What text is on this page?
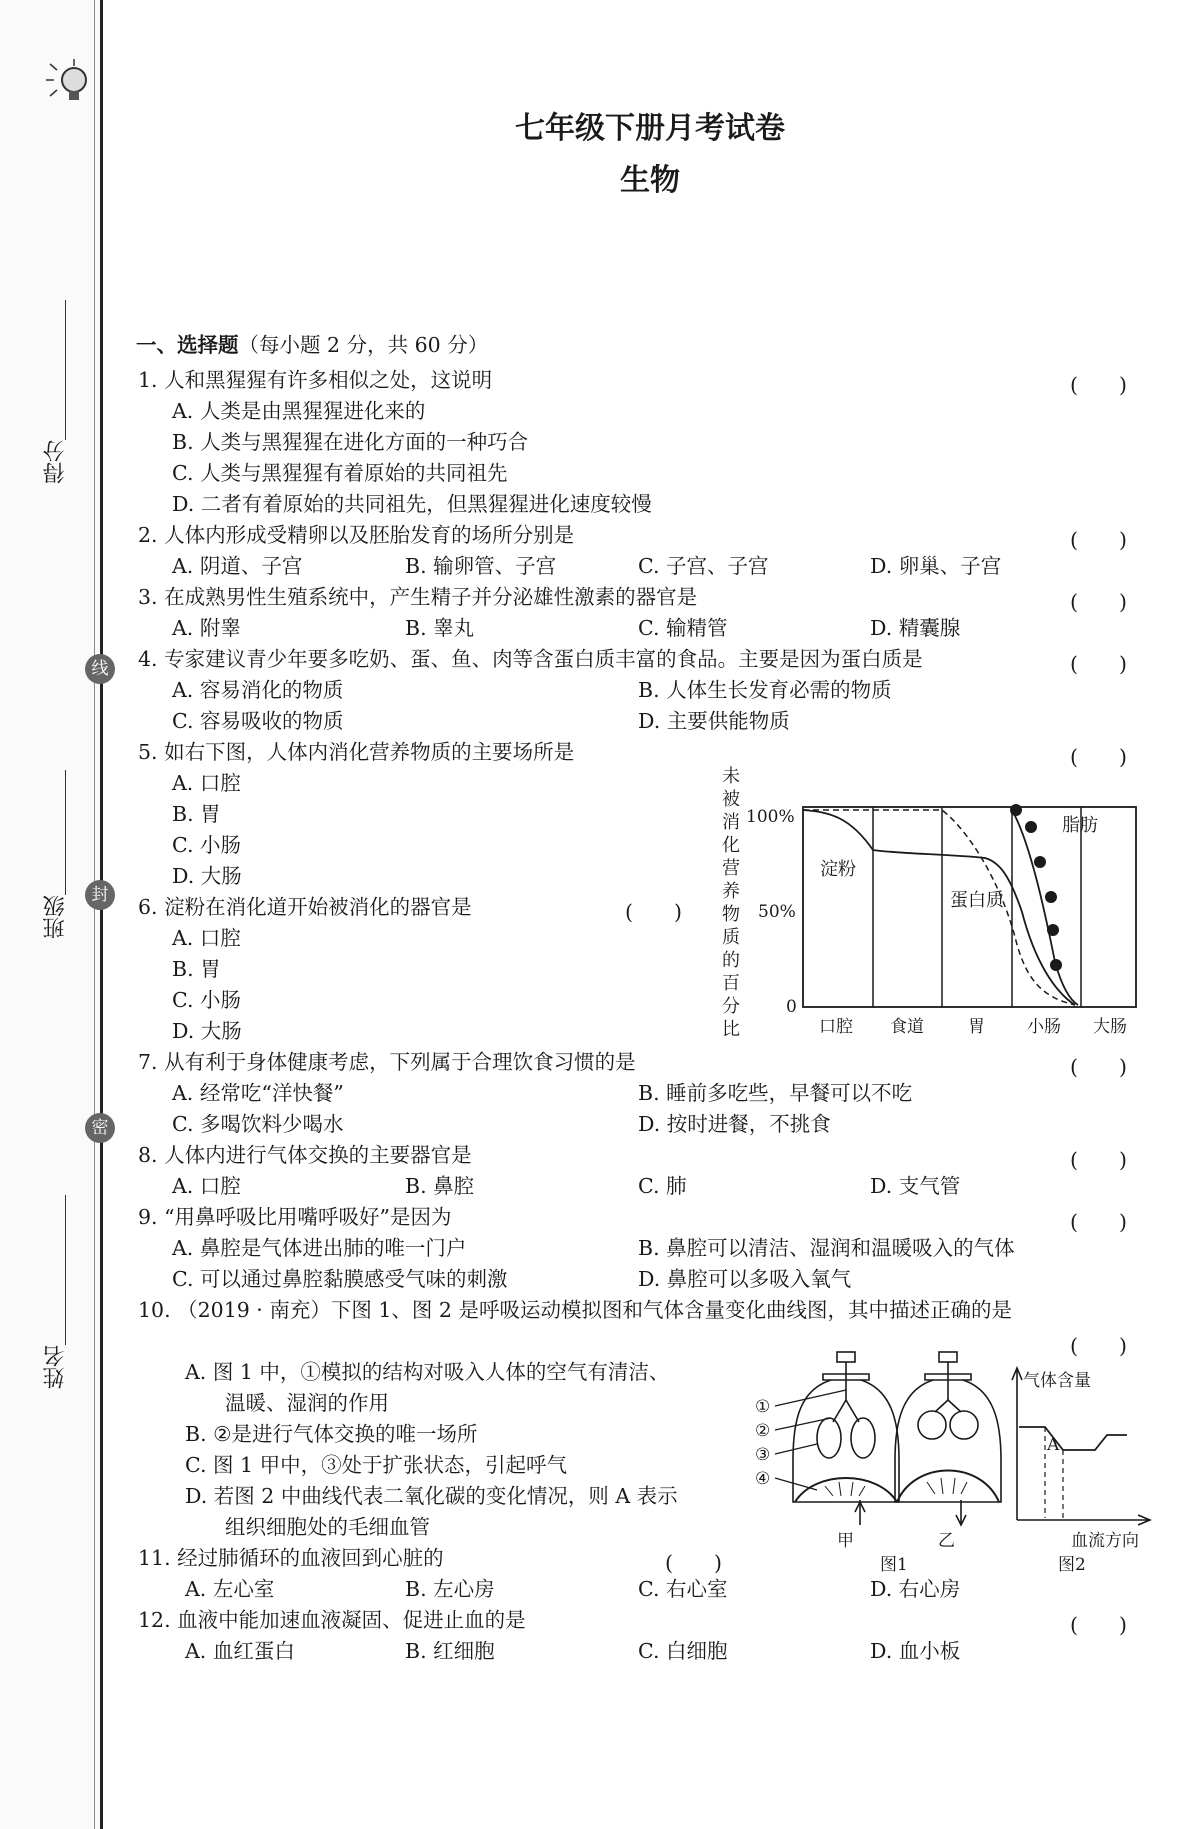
得分
班级
姓名
线
封
密
七年级下册月考试卷
生物
一、选择题（每小题 2 分，共 60 分）
1. 人和黑猩猩有许多相似之处，这说明	(　　)
A. 人类是由黑猩猩进化来的
B. 人类与黑猩猩在进化方面的一种巧合
C. 人类与黑猩猩有着原始的共同祖先
D. 二者有着原始的共同祖先，但黑猩猩进化速度较慢
2. 人体内形成受精卵以及胚胎发育的场所分别是	(　　)
A. 阴道、子宫	B. 输卵管、子宫	C. 子宫、子宫	D. 卵巢、子宫
3. 在成熟男性生殖系统中，产生精子并分泌雄性激素的器官是	(　　)
A. 附睾	B. 睾丸	C. 输精管	D. 精囊腺
4. 专家建议青少年要多吃奶、蛋、鱼、肉等含蛋白质丰富的食品。主要是因为蛋白质是	(　　)
A. 容易消化的物质	B. 人体生长发育必需的物质
C. 容易吸收的物质	D. 主要供能物质
5. 如右下图，人体内消化营养物质的主要场所是	(　　)
A. 口腔
B. 胃
C. 小肠
D. 大肠
6. 淀粉在消化道开始被消化的器官是	(　　)
A. 口腔
B. 胃
C. 小肠
D. 大肠
未
被
消
化
营
养
物
质
的
百
分
比
100%
50%
0
淀粉
蛋白质
脂肪
口腔 食道	胃 小肠 大肠
7. 从有利于身体健康考虑，下列属于合理饮食习惯的是	(　　)
A. 经常吃“洋快餐”	B. 睡前多吃些，早餐可以不吃
C. 多喝饮料少喝水	D. 按时进餐，不挑食
8. 人体内进行气体交换的主要器官是	(　　)
A. 口腔	B. 鼻腔	C. 肺	D. 支气管
9. “用鼻呼吸比用嘴呼吸好”是因为	(　　)
A. 鼻腔是气体进出肺的唯一门户	B. 鼻腔可以清洁、湿润和温暖吸入的气体
C. 可以通过鼻腔黏膜感受气味的刺激	D. 鼻腔可以多吸入氧气
10. （2019 · 南充）下图 1、图 2 是呼吸运动模拟图和气体含量变化曲线图，其中描述正确的是
(　　)
A. 图 1 中，①模拟的结构对吸入人体的空气有清洁、
温暖、湿润的作用
B. ②是进行气体交换的唯一场所
C. 图 1 甲中，③处于扩张状态，引起呼气
D. 若图 2 中曲线代表二氧化碳的变化情况，则 A 表示
组织细胞处的毛细血管
①
②
③
④
甲	乙
图1
气体含量
A
血流方向
图2
11. 经过肺循环的血液回到心脏的	(　　)
A. 左心室	B. 左心房	C. 右心室	D. 右心房
12. 血液中能加速血液凝固、促进止血的是	(　　)
A. 血红蛋白	B. 红细胞	C. 白细胞	D. 血小板
